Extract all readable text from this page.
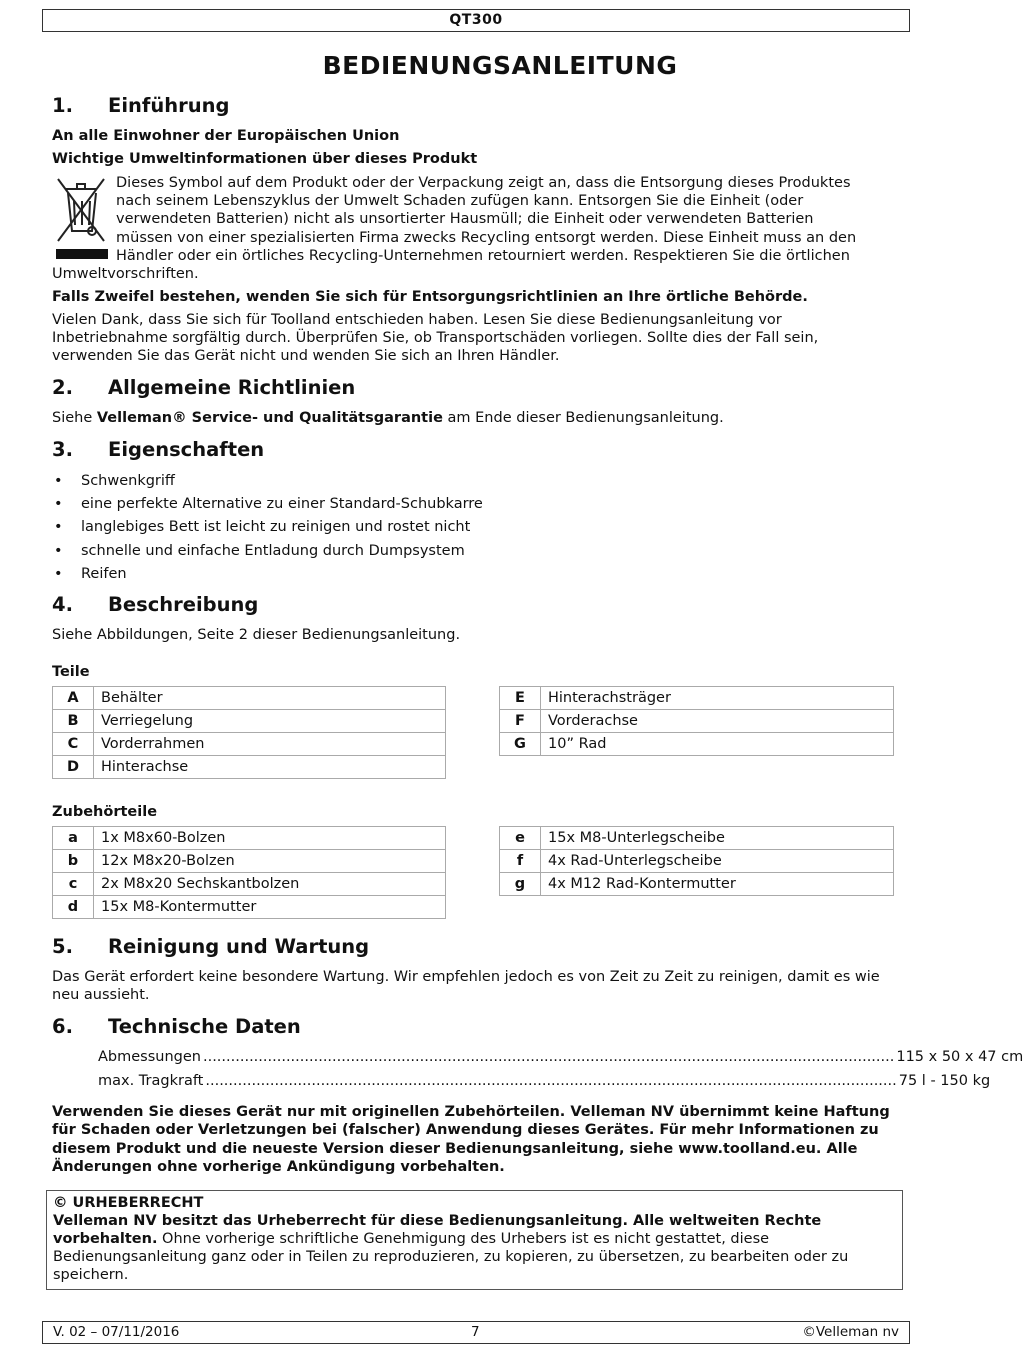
QT300
BEDIENUNGSANLEITUNG
1. Einführung
An alle Einwohner der Europäischen Union
Wichtige Umweltinformationen über dieses Produkt
Dieses Symbol auf dem Produkt oder der Verpackung zeigt an, dass die Entsorgung dieses Produktes
nach seinem Lebenszyklus der Umwelt Schaden zufügen kann. Entsorgen Sie die Einheit (oder
verwendeten Batterien) nicht als unsortierter Hausmüll; die Einheit oder verwendeten Batterien
müssen von einer spezialisierten Firma zwecks Recycling entsorgt werden. Diese Einheit muss an den
Händler oder ein örtliches Recycling-Unternehmen retourniert werden. Respektieren Sie die örtlichen
Umweltvorschriften.
Falls Zweifel bestehen, wenden Sie sich für Entsorgungsrichtlinien an Ihre örtliche Behörde.
Vielen Dank, dass Sie sich für Toolland entschieden haben. Lesen Sie diese Bedienungsanleitung vor Inbetriebnahme sorgfältig durch. Überprüfen Sie, ob Transportschäden vorliegen. Sollte dies der Fall sein, verwenden Sie das Gerät nicht und wenden Sie sich an Ihren Händler.
2. Allgemeine Richtlinien
Siehe Velleman® Service- und Qualitätsgarantie am Ende dieser Bedienungsanleitung.
3. Eigenschaften
• Schwenkgriff
• eine perfekte Alternative zu einer Standard-Schubkarre
• langlebiges Bett ist leicht zu reinigen und rostet nicht
• schnelle und einfache Entladung durch Dumpsystem
• Reifen
4. Beschreibung
Siehe Abbildungen, Seite 2 dieser Bedienungsanleitung.
Teile
A	Behälter
B	Verriegelung
C	Vorderrahmen
D	Hinterachse
E	Hinterachsträger
F	Vorderachse
G	10” Rad
Zubehörteile
a	1x M8x60-Bolzen
b	12x M8x20-Bolzen
c	2x M8x20 Sechskantbolzen
d	15x M8-Kontermutter
e	15x M8-Unterlegscheibe
f	4x Rad-Unterlegscheibe
g	4x M12 Rad-Kontermutter
5. Reinigung und Wartung
Das Gerät erfordert keine besondere Wartung. Wir empfehlen jedoch es von Zeit zu Zeit zu reinigen, damit es wie neu aussieht.
6. Technische Daten
Abmessungen ...................................................................................................................................................... 115 x 50 x 47 cm
max. Tragkraft ...................................................................................................................................................... 75 l - 150 kg
Verwenden Sie dieses Gerät nur mit originellen Zubehörteilen. Velleman NV übernimmt keine Haftung für Schaden oder Verletzungen bei (falscher) Anwendung dieses Gerätes. Für mehr Informationen zu diesem Produkt und die neueste Version dieser Bedienungsanleitung, siehe www.toolland.eu. Alle Änderungen ohne vorherige Ankündigung vorbehalten.
© URHEBERRECHT
Velleman NV besitzt das Urheberrecht für diese Bedienungsanleitung. Alle weltweiten Rechte vorbehalten. Ohne vorherige schriftliche Genehmigung des Urhebers ist es nicht gestattet, diese Bedienungsanleitung ganz oder in Teilen zu reproduzieren, zu kopieren, zu übersetzen, zu bearbeiten oder zu speichern.
V. 02 – 07/11/2016	7	©Velleman nv
